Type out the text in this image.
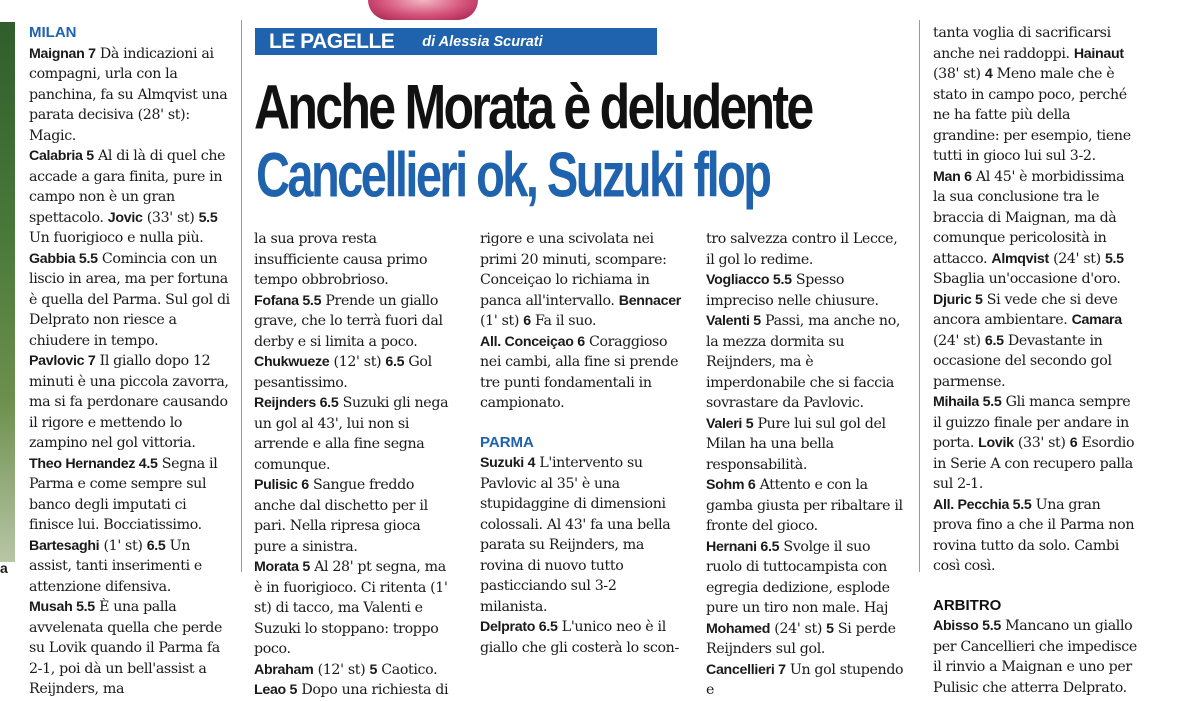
a
LE PAGELLE di Alessia Scurati
Anche Morata è deludente
Cancellieri ok, Suzuki flop

MILAN

Maignan 7 Dà indicazioni ai compagni, urla con la panchina, fa su Almqvist una parata decisiva (28' st): Magic.

Calabria 5 Al di là di quel che accade a gara finita, pure in campo non è un gran spettacolo. Jovic (33' st) 5.5 Un fuorigioco e nulla più.

Gabbia 5.5 Comincia con un liscio in area, ma per fortuna è quella del Parma. Sul gol di Delprato non riesce a chiudere in tempo.

Pavlovic 7 Il giallo dopo 12 minuti è una piccola zavorra, ma si fa perdonare causando il rigore e mettendo lo zampino nel gol vittoria.

Theo Hernandez 4.5 Segna il Parma e come sempre sul banco degli imputati ci finisce lui. Bocciatissimo. Bartesaghi (1' st) 6.5 Un assist, tanti inserimenti e attenzione difensiva.

Musah 5.5 È una palla avvelenata quella che perde su Lovik quando il Parma fa 2-1, poi dà un bell'assist a Reijnders, ma

la sua prova resta insufficiente causa primo tempo obbrobrioso.

Fofana 5.5 Prende un giallo grave, che lo terrà fuori dal derby e si limita a poco. Chukwueze (12' st) 6.5 Gol pesantissimo.

Reijnders 6.5 Suzuki gli nega un gol al 43', lui non si arrende e alla fine segna comunque.

Pulisic 6 Sangue freddo anche dal dischetto per il pari. Nella ripresa gioca pure a sinistra.

Morata 5 Al 28' pt segna, ma è in fuorigioco. Ci ritenta (1' st) di tacco, ma Valenti e Suzuki lo stoppano: troppo poco.

Abraham (12' st) 5 Caotico.

Leao 5 Dopo una richiesta di

rigore e una scivolata nei primi 20 minuti, scompare: Conceiçao lo richiama in panca all'intervallo. Bennacer (1' st) 6 Fa il suo.

All. Conceiçao 6 Coraggioso nei cambi, alla fine si prende tre punti fondamentali in campionato.

PARMA

Suzuki 4 L'intervento su Pavlovic al 35' è una stupidaggine di dimensioni colossali. Al 43' fa una bella parata su Reijnders, ma rovina di nuovo tutto pasticciando sul 3-2 milanista.

Delprato 6.5 L'unico neo è il giallo che gli costerà lo scon-

tro salvezza contro il Lecce, il gol lo redime.

Vogliacco 5.5 Spesso impreciso nelle chiusure.

Valenti 5 Passi, ma anche no, la mezza dormita su Reijnders, ma è imperdonabile che si faccia sovrastare da Pavlovic.

Valeri 5 Pure lui sul gol del Milan ha una bella responsabilità.

Sohm 6 Attento e con la gamba giusta per ribaltare il fronte del gioco.

Hernani 6.5 Svolge il suo ruolo di tuttocampista con egregia dedizione, esplode pure un tiro non male. Haj Mohamed (24' st) 5 Si perde Reijnders sul gol.

Cancellieri 7 Un gol stupendo e

tanta voglia di sacrificarsi anche nei raddoppi. Hainaut (38' st) 4 Meno male che è stato in campo poco, perché ne ha fatte più della grandine: per esempio, tiene tutti in gioco lui sul 3-2.

Man 6 Al 45' è morbidissima la sua conclusione tra le braccia di Maignan, ma dà comunque pericolosità in attacco. Almqvist (24' st) 5.5 Sbaglia un'occasione d'oro.

Djuric 5 Si vede che si deve ancora ambientare. Camara (24' st) 6.5 Devastante in occasione del secondo gol parmense.

Mihaila 5.5 Gli manca sempre il guizzo finale per andare in porta. Lovik (33' st) 6 Esordio in Serie A con recupero palla sul 2-1.

All. Pecchia 5.5 Una gran prova fino a che il Parma non rovina tutto da solo. Cambi così così.

ARBITRO

Abisso 5.5 Mancano un giallo per Cancellieri che impedisce il rinvio a Maignan e uno per Pulisic che atterra Delprato.
